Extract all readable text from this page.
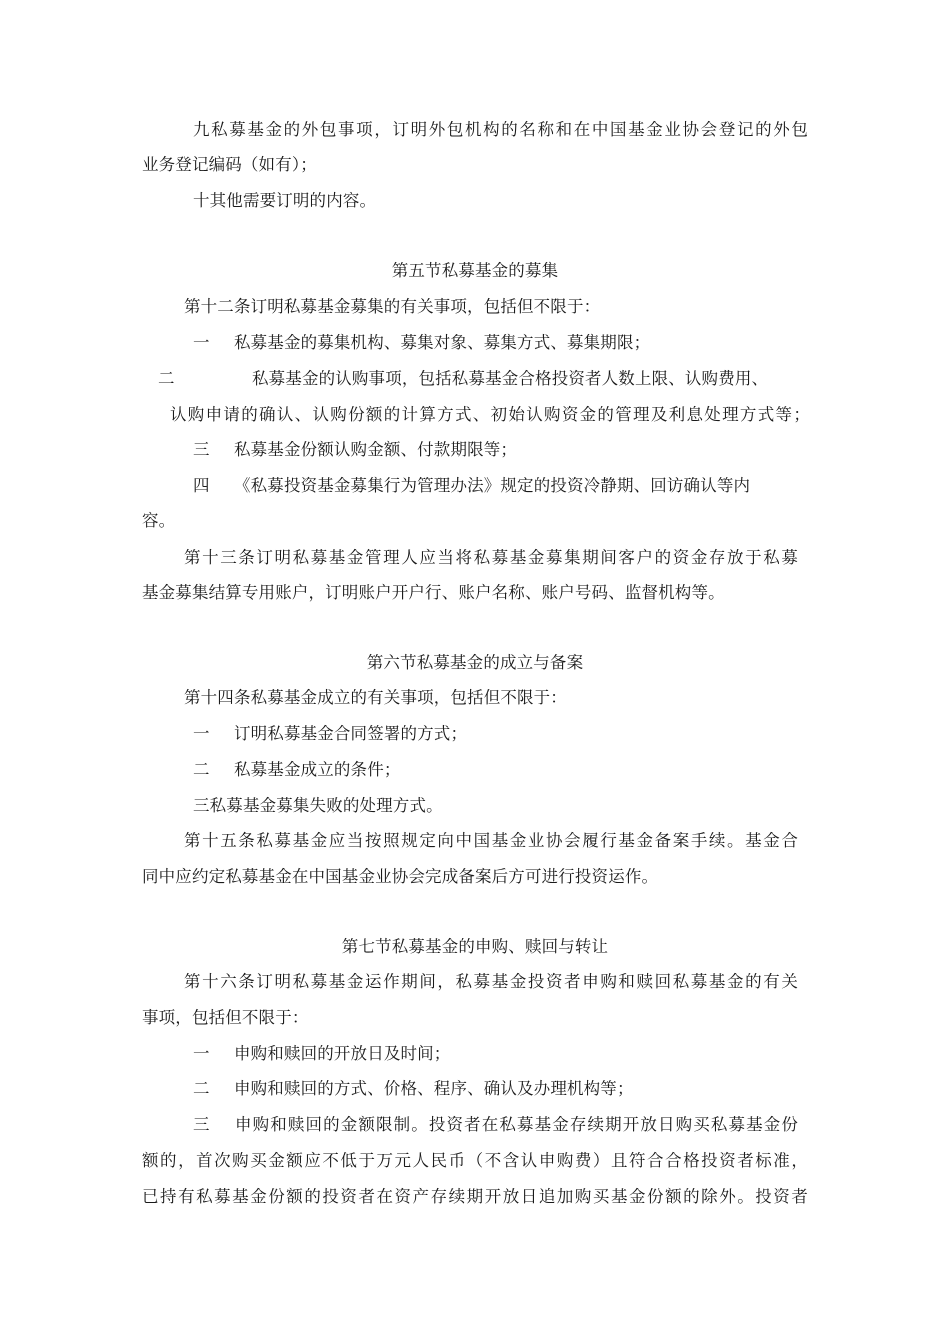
九私募基金的外包事项，订明外包机构的名称和在中国基金业协会登记的外包
业务登记编码（如有）；
十其他需要订明的内容。
第五节私募基金的募集
第十二条订明私募基金募集的有关事项，包括但不限于：
一 私募基金的募集机构、募集对象、募集方式、募集期限；
二	私募基金的认购事项，包括私募基金合格投资者人数上限、认购费用、
认购申请的确认、认购份额的计算方式、初始认购资金的管理及利息处理方式等；
三 私募基金份额认购金额、付款期限等；
四 《私募投资基金募集行为管理办法》规定的投资冷静期、回访确认等内
容。
第十三条订明私募基金管理人应当将私募基金募集期间客户的资金存放于私募
基金募集结算专用账户，订明账户开户行、账户名称、账户号码、监督机构等。
第六节私募基金的成立与备案
第十四条私募基金成立的有关事项，包括但不限于：
一 订明私募基金合同签署的方式；
二 私募基金成立的条件；
三私募基金募集失败的处理方式。
第十五条私募基金应当按照规定向中国基金业协会履行基金备案手续。基金合
同中应约定私募基金在中国基金业协会完成备案后方可进行投资运作。
第七节私募基金的申购、赎回与转让
第十六条订明私募基金运作期间，私募基金投资者申购和赎回私募基金的有关
事项，包括但不限于：
一 申购和赎回的开放日及时间；
二 申购和赎回的方式、价格、程序、确认及办理机构等；
三 申购和赎回的金额限制。投资者在私募基金存续期开放日购买私募基金份
额的，首次购买金额应不低于万元人民币（不含认申购费）且符合合格投资者标准，
已持有私募基金份额的投资者在资产存续期开放日追加购买基金份额的除外。投资者
